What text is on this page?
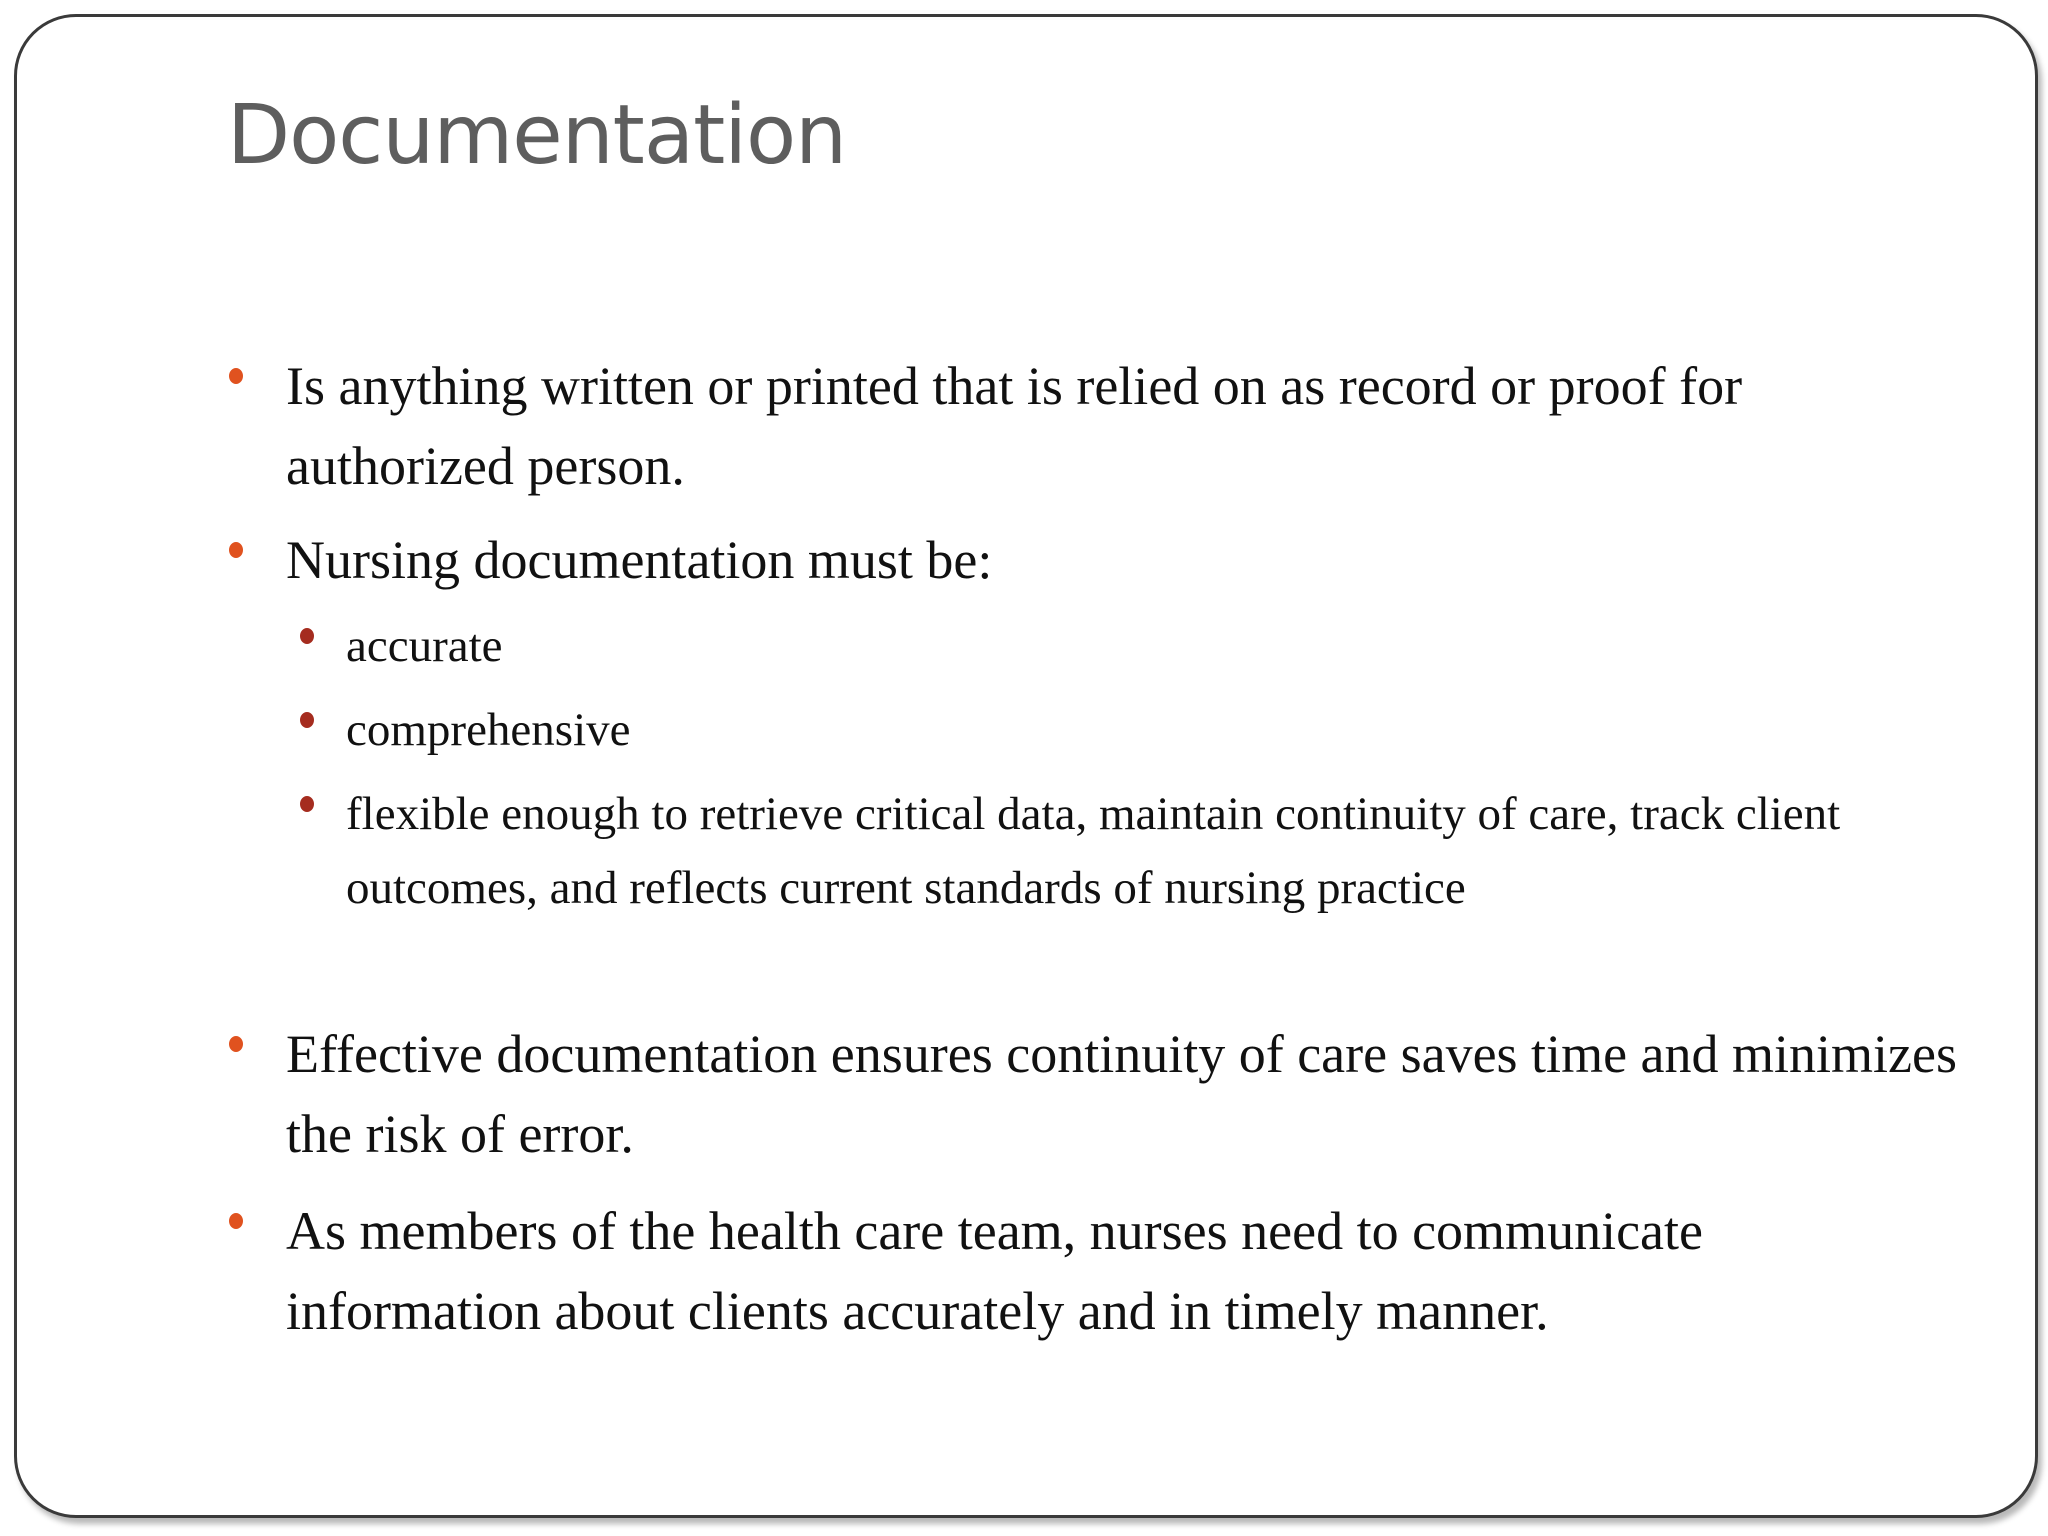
Documentation
Is anything written or printed that is relied on as record or proof for authorized person.
Nursing documentation must be:
accurate
comprehensive
flexible enough to retrieve critical data, maintain continuity of care, track client outcomes, and reflects current standards of nursing practice
Effective documentation ensures continuity of care saves time and minimizes the risk of error.
As members of the health care team, nurses need to communicate information about clients accurately and in timely manner.
